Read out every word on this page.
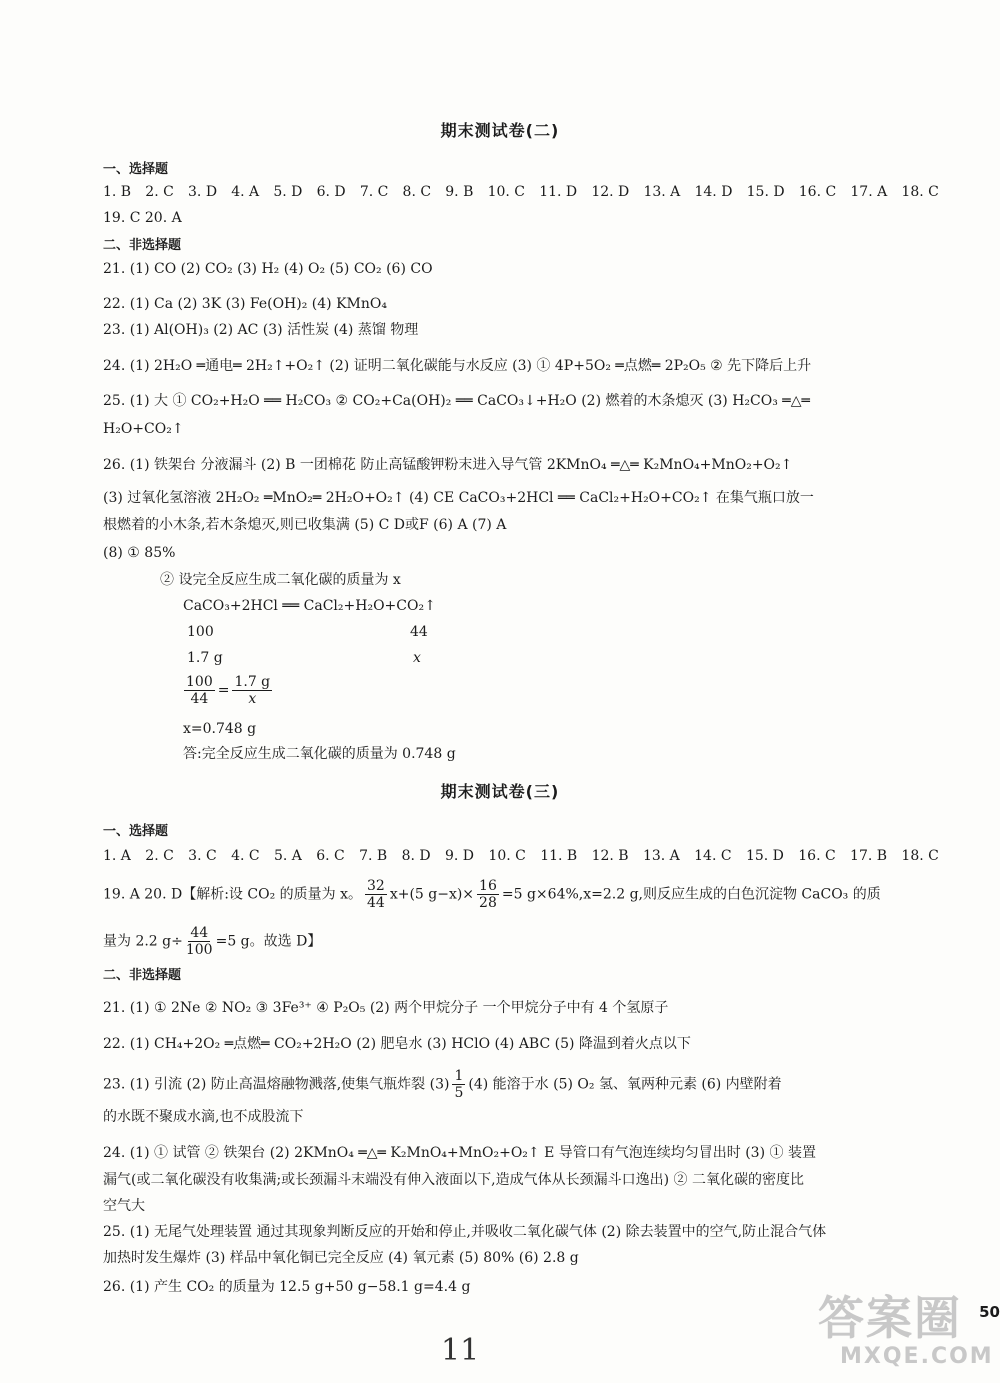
期末测试卷(二)
一、选择题
1. B 2. C 3. D 4. A 5. D 6. D 7. C 8. C 9. B 10. C 11. D 12. D 13. A 14. D 15. D 16. C 17. A 18. C
19. C 20. A
二、非选择题
21. (1) CO (2) CO₂ (3) H₂ (4) O₂ (5) CO₂ (6) CO
22. (1) Ca (2) 3K (3) Fe(OH)₂ (4) KMnO₄
23. (1) Al(OH)₃ (2) AC (3) 活性炭 (4) 蒸馏 物理
24. (1) 2H₂O ═通电═ 2H₂↑+O₂↑ (2) 证明二氧化碳能与水反应 (3) ① 4P+5O₂ ═点燃═ 2P₂O₅ ② 先下降后上升
25. (1) 大 ① CO₂+H₂O ══ H₂CO₃ ② CO₂+Ca(OH)₂ ══ CaCO₃↓+H₂O (2) 燃着的木条熄灭 (3) H₂CO₃ ═△═
H₂O+CO₂↑
26. (1) 铁架台 分液漏斗 (2) B 一团棉花 防止高锰酸钾粉末进入导气管 2KMnO₄ ═△═ K₂MnO₄+MnO₂+O₂↑
(3) 过氧化氢溶液 2H₂O₂ ═MnO₂═ 2H₂O+O₂↑ (4) CE CaCO₃+2HCl ══ CaCl₂+H₂O+CO₂↑ 在集气瓶口放一
根燃着的小木条,若木条熄灭,则已收集满 (5) C D或F (6) A (7) A
(8) ① 85%
② 设完全反应生成二氧化碳的质量为 x
CaCO₃+2HCl ══ CaCl₂+H₂O+CO₂↑
100	44
1.7 g	x
$\frac{100}{44} = \frac{1.7 g}{x}$
x=0.748 g
答:完全反应生成二氧化碳的质量为 0.748 g
期末测试卷(三)
一、选择题
1. A 2. C 3. C 4. C 5. A 6. C 7. B 8. D 9. D 10. C 11. B 12. B 13. A 14. C 15. D 16. C 17. B 18. C
19. A 20. D【解析:设 CO₂ 的质量为 x。 $\frac{32}{44} x+(5$ $g-x)\times \frac{16}{28} =5$ g×64%,x=2.2 g,则反应生成的白色沉淀物 CaCO₃ 的质
量为 2.2 $g\div \frac{44}{100} =5$ g。故选 D】
二、非选择题
21. (1) ① 2Ne ② NO₂ ③ 3Fe³⁺ ④ P₂O₅ (2) 两个甲烷分子 一个甲烷分子中有 4 个氢原子
22. (1) CH₄+2O₂ ═点燃═ CO₂+2H₂O (2) 肥皂水 (3) HClO (4) ABC (5) 降温到着火点以下
23. (1) 引流 (2) 防止高温熔融物溅落,使集气瓶炸裂 $(3) \frac{1}{5} (4)$ 能溶于水 (5) O₂ 氢、氧两种元素 (6) 内壁附着
的水既不聚成水滴,也不成股流下
24. (1) ① 试管 ② 铁架台 (2) 2KMnO₄ ═△═ K₂MnO₄+MnO₂+O₂↑ E 导管口有气泡连续均匀冒出时 (3) ① 装置
漏气(或二氧化碳没有收集满;或长颈漏斗末端没有伸入液面以下,造成气体从长颈漏斗口逸出) ② 二氧化碳的密度比
空气大
25. (1) 无尾气处理装置 通过其现象判断反应的开始和停止,并吸收二氧化碳气体 (2) 除去装置中的空气,防止混合气体
加热时发生爆炸 (3) 样品中氧化铜已完全反应 (4) 氧元素 (5) 80% (6) 2.8 g
26. (1) 产生 CO₂ 的质量为 12.5 g+50 g−58.1 g=4.4 g
50
11
答案圈
MXQE.COM
